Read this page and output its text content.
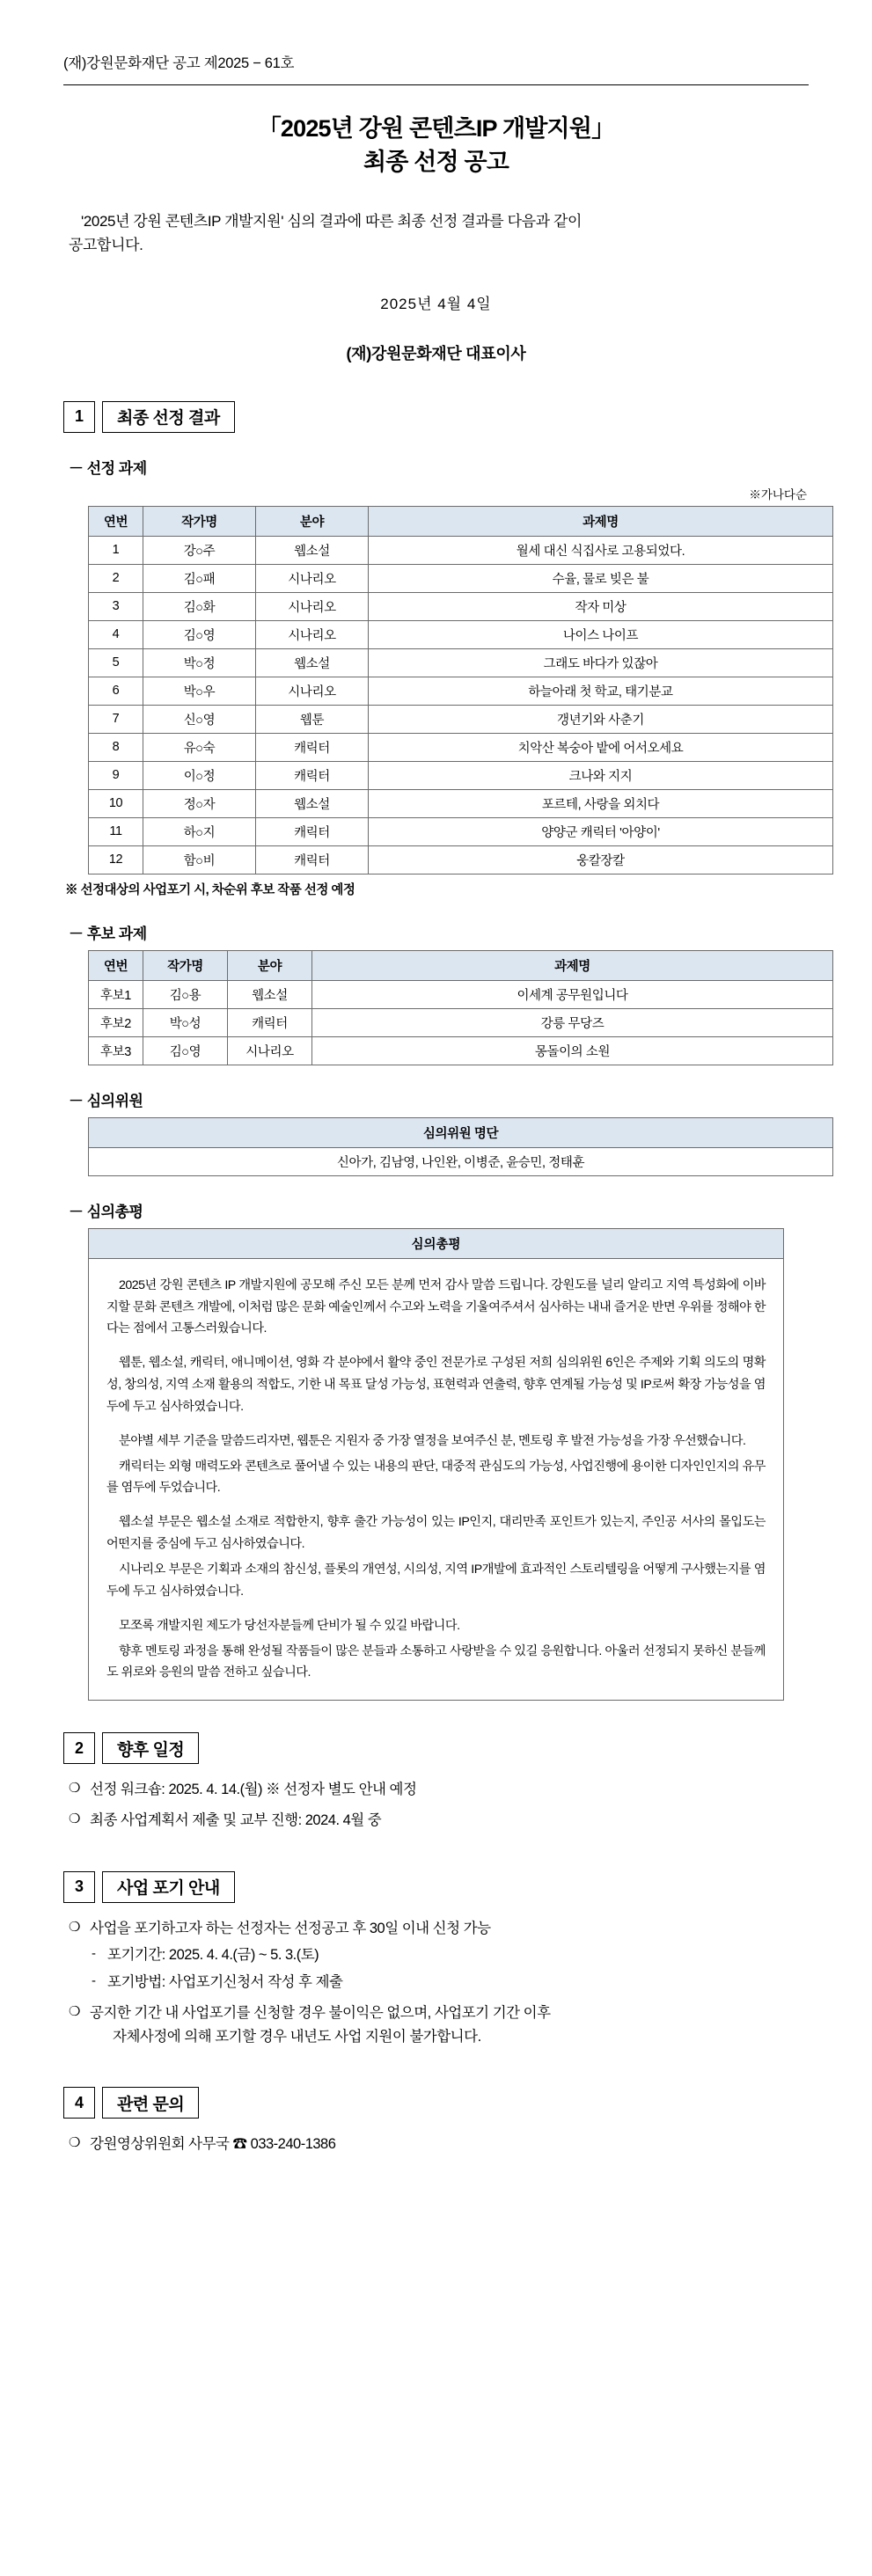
(재)강원문화재단 공고 제2025 − 61호
「2025년 강원 콘텐츠IP 개발지원」
최종 선정 공고
'2025년 강원 콘텐츠IP 개발지원' 심의 결과에 따른 최종 선정 결과를 다음과 같이
공고합니다.
2025년 4월 4일
(재)강원문화재단 대표이사
1	최종 선정 결과
－ 선정 과제
※가나다순
연번	작가명	분야	과제명
1	강○주	웹소설	월세 대신 식집사로 고용되었다.
2	김○패	시나리오	수율, 물로 빚은 불
3	김○화	시나리오	작자 미상
4	김○영	시나리오	나이스 나이프
5	박○정	웹소설	그래도 바다가 있잖아
6	박○우	시나리오	하늘아래 첫 학교, 태기분교
7	신○영	웹툰	갱년기와 사춘기
8	유○숙	캐릭터	치악산 복숭아 밭에 어서오세요
9	이○정	캐릭터	크나와 지지
10	정○자	웹소설	포르테, 사랑을 외치다
11	하○지	캐릭터	양양군 캐릭터 '아양이'
12	함○비	캐릭터	웅칼장칼
※ 선정대상의 사업포기 시, 차순위 후보 작품 선정 예정
－ 후보 과제
연번	작가명	분야	과제명
후보1	김○용	웹소설	이세계 공무원입니다
후보2	박○성	캐릭터	강릉 무당즈
후보3	김○영	시나리오	몽돌이의 소원
－ 심의위원
심의위원 명단
신아가, 김남영, 나인완, 이병준, 윤승민, 정태훈
－ 심의총평
심의총평

2025년 강원 콘텐츠 IP 개발지원에 공모해 주신 모든 분께 먼저 감사 말씀 드립니다. 강원도를 널리 알리고 지역 특성화에 이바지할 문화 콘텐츠 개발에, 이처럼 많은 문화 예술인께서 수고와 노력을 기울여주셔서 심사하는 내내 즐거운 반면 우위를 정해야 한다는 점에서 고통스러웠습니다.

웹툰, 웹소설, 캐릭터, 애니메이션, 영화 각 분야에서 활약 중인 전문가로 구성된 저희 심의위원 6인은 주제와 기획 의도의 명확성, 창의성, 지역 소재 활용의 적합도, 기한 내 목표 달성 가능성, 표현력과 연출력, 향후 연계될 가능성 및 IP로써 확장 가능성을 염두에 두고 심사하였습니다.

분야별 세부 기준을 말씀드리자면, 웹툰은 지원자 중 가장 열정을 보여주신 분, 멘토링 후 발전 가능성을 가장 우선했습니다.

캐릭터는 외형 매력도와 콘텐츠로 풀어낼 수 있는 내용의 판단, 대중적 관심도의 가능성, 사업진행에 용이한 디자인인지의 유무를 염두에 두었습니다.

웹소설 부문은 웹소설 소재로 적합한지, 향후 출간 가능성이 있는 IP인지, 대리만족 포인트가 있는지, 주인공 서사의 몰입도는 어떤지를 중심에 두고 심사하였습니다.

시나리오 부문은 기획과 소재의 참신성, 플롯의 개연성, 시의성, 지역 IP개발에 효과적인 스토리텔링을 어떻게 구사했는지를 염두에 두고 심사하였습니다.

모쪼록 개발지원 제도가 당선자분들께 단비가 될 수 있길 바랍니다.

향후 멘토링 과정을 통해 완성될 작품들이 많은 분들과 소통하고 사랑받을 수 있길 응원합니다. 아울러 선정되지 못하신 분들께도 위로와 응원의 말씀 전하고 싶습니다.

2	향후 일정
❍ 선정 워크숍: 2025. 4. 14.(월) ※ 선정자 별도 안내 예정
❍ 최종 사업계획서 제출 및 교부 진행: 2024. 4월 중
3	사업 포기 안내
❍ 사업을 포기하고자 하는 선정자는 선정공고 후 30일 이내 신청 가능
- 포기기간: 2025. 4. 4.(금) ~ 5. 3.(토)
- 포기방법: 사업포기신청서 작성 후 제출
❍ 공지한 기간 내 사업포기를 신청할 경우 불이익은 없으며, 사업포기 기간 이후
자체사정에 의해 포기할 경우 내년도 사업 지원이 불가합니다.
4	관련 문의
❍ 강원영상위원회 사무국 ☎ 033-240-1386
